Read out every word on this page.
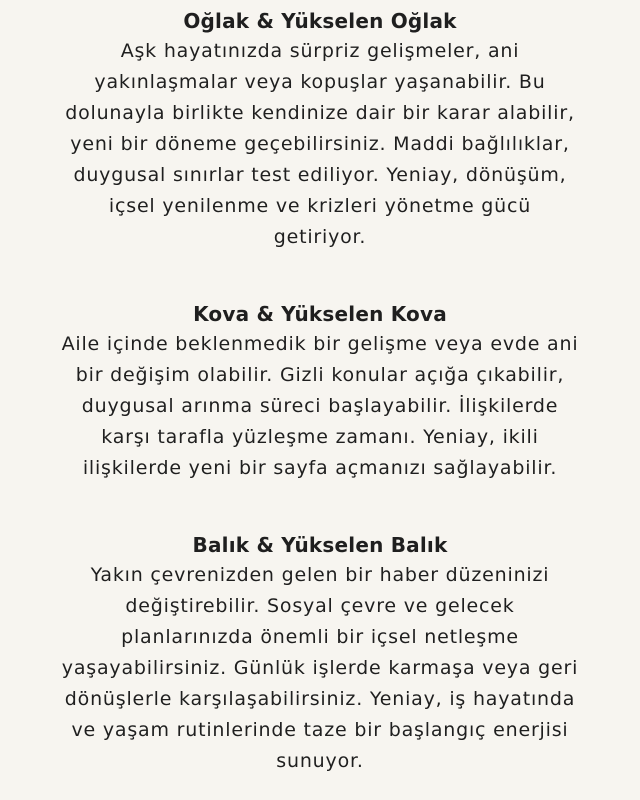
Oğlak & Yükselen Oğlak

Aşk hayatınızda sürpriz gelişmeler, ani
yakınlaşmalar veya kopuşlar yaşanabilir. Bu
dolunayla birlikte kendinize dair bir karar alabilir,
yeni bir döneme geçebilirsiniz. Maddi bağlılıklar,
duygusal sınırlar test ediliyor. Yeniay, dönüşüm,
içsel yenilenme ve krizleri yönetme gücü
getiriyor.

Kova & Yükselen Kova

Aile içinde beklenmedik bir gelişme veya evde ani
bir değişim olabilir. Gizli konular açığa çıkabilir,
duygusal arınma süreci başlayabilir. İlişkilerde
karşı tarafla yüzleşme zamanı. Yeniay, ikili
ilişkilerde yeni bir sayfa açmanızı sağlayabilir.

Balık & Yükselen Balık

Yakın çevrenizden gelen bir haber düzeninizi
değiştirebilir. Sosyal çevre ve gelecek
planlarınızda önemli bir içsel netleşme
yaşayabilirsiniz. Günlük işlerde karmaşa veya geri
dönüşlerle karşılaşabilirsiniz. Yeniay, iş hayatında
ve yaşam rutinlerinde taze bir başlangıç enerjisi
sunuyor.
